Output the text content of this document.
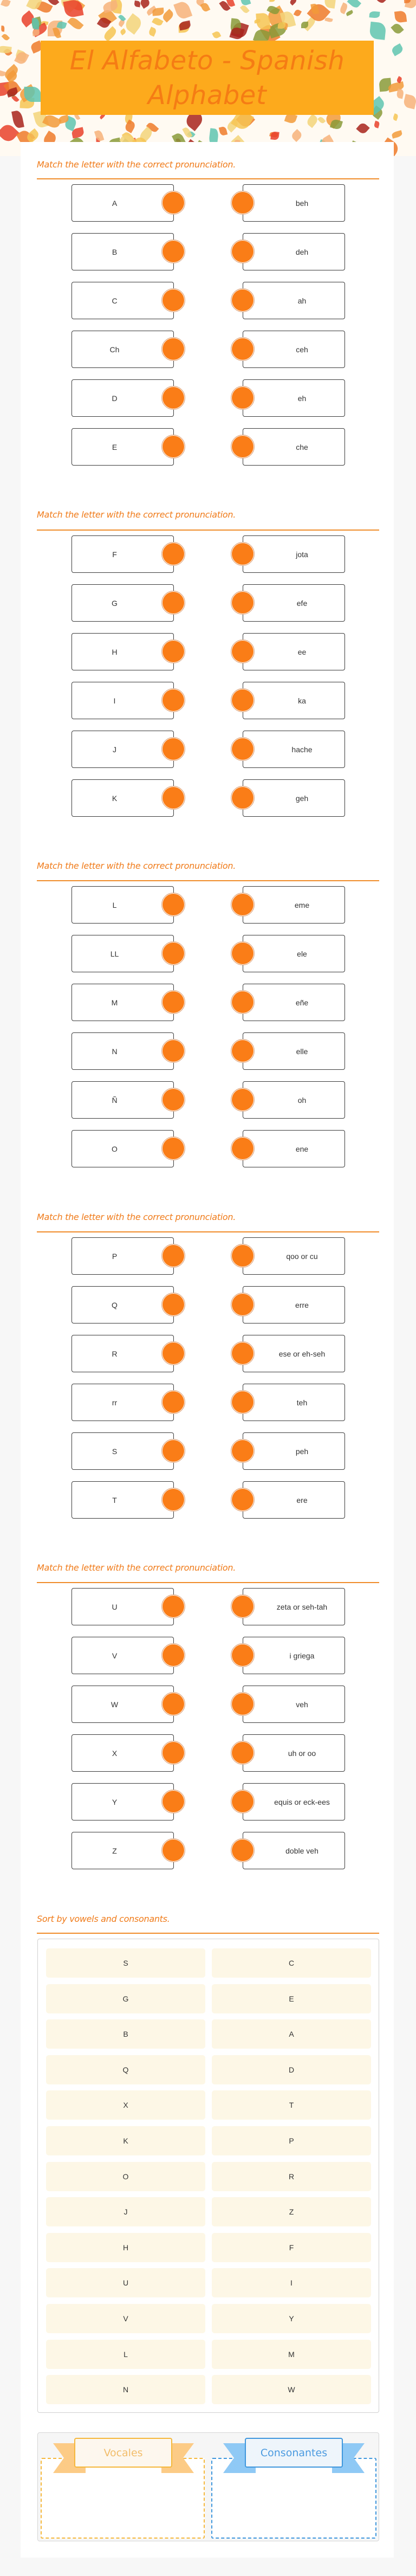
El Alfabeto - Spanish Alphabet
Match the letter with the correct pronunciation.
A	beh
B	deh
C	ah
Ch	ceh
D	eh
E	che
Match the letter with the correct pronunciation.
F	jota
G	efe
H	ee
I	ka
J	hache
K	geh
Match the letter with the correct pronunciation.
L	eme
LL	ele
M	eñe
N	elle
Ñ	oh
O	ene
Match the letter with the correct pronunciation.
P	qoo or cu
Q	erre
R	ese or eh-seh
rr	teh
S	peh
T	ere
Match the letter with the correct pronunciation.
U	zeta or seh-tah
V	i griega
W	veh
X	uh or oo
Y	equis or eck-ees
Z	doble veh
Sort by vowels and consonants.
S	C
G	E
B	A
Q	D
X	T
K	P
O	R
J	Z
H	F
U	I
V	Y
L	M
N	W
Vocales	Consonantes
